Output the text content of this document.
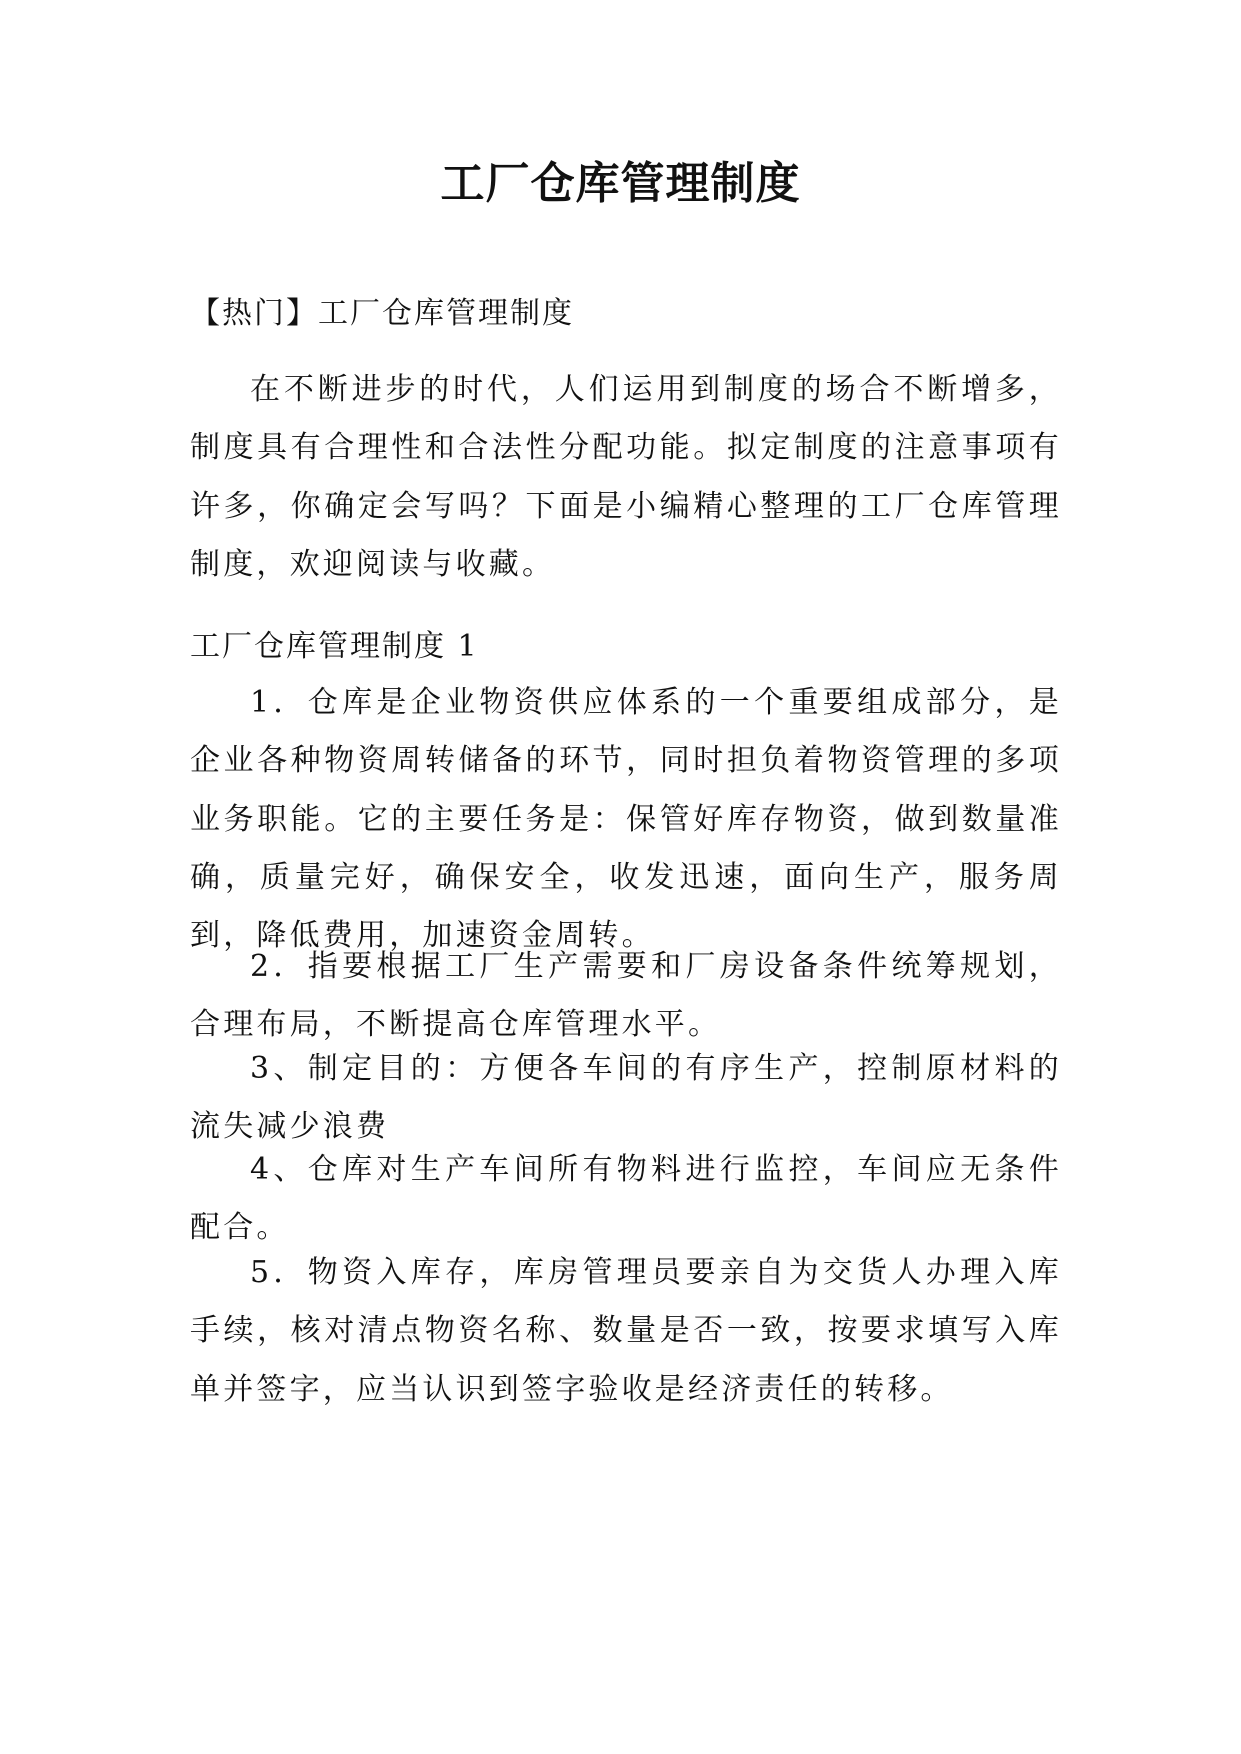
工厂仓库管理制度
【热门】工厂仓库管理制度

在不断进步的时代，人们运用到制度的场合不断增多，制度具有合理性和合法性分配功能。拟定制度的注意事项有许多，你确定会写吗？下面是小编精心整理的工厂仓库管理制度，欢迎阅读与收藏。

工厂仓库管理制度 1

1．仓库是企业物资供应体系的一个重要组成部分，是企业各种物资周转储备的环节，同时担负着物资管理的多项业务职能。它的主要任务是：保管好库存物资，做到数量准确，质量完好，确保安全，收发迅速，面向生产，服务周到，降低费用，加速资金周转。

2．指要根据工厂生产需要和厂房设备条件统筹规划，合理布局，不断提高仓库管理水平。

3、制定目的：方便各车间的有序生产，控制原材料的流失减少浪费

4、仓库对生产车间所有物料进行监控，车间应无条件配合。

5．物资入库存，库房管理员要亲自为交货人办理入库手续，核对清点物资名称、数量是否一致，按要求填写入库单并签字，应当认识到签字验收是经济责任的转移。
